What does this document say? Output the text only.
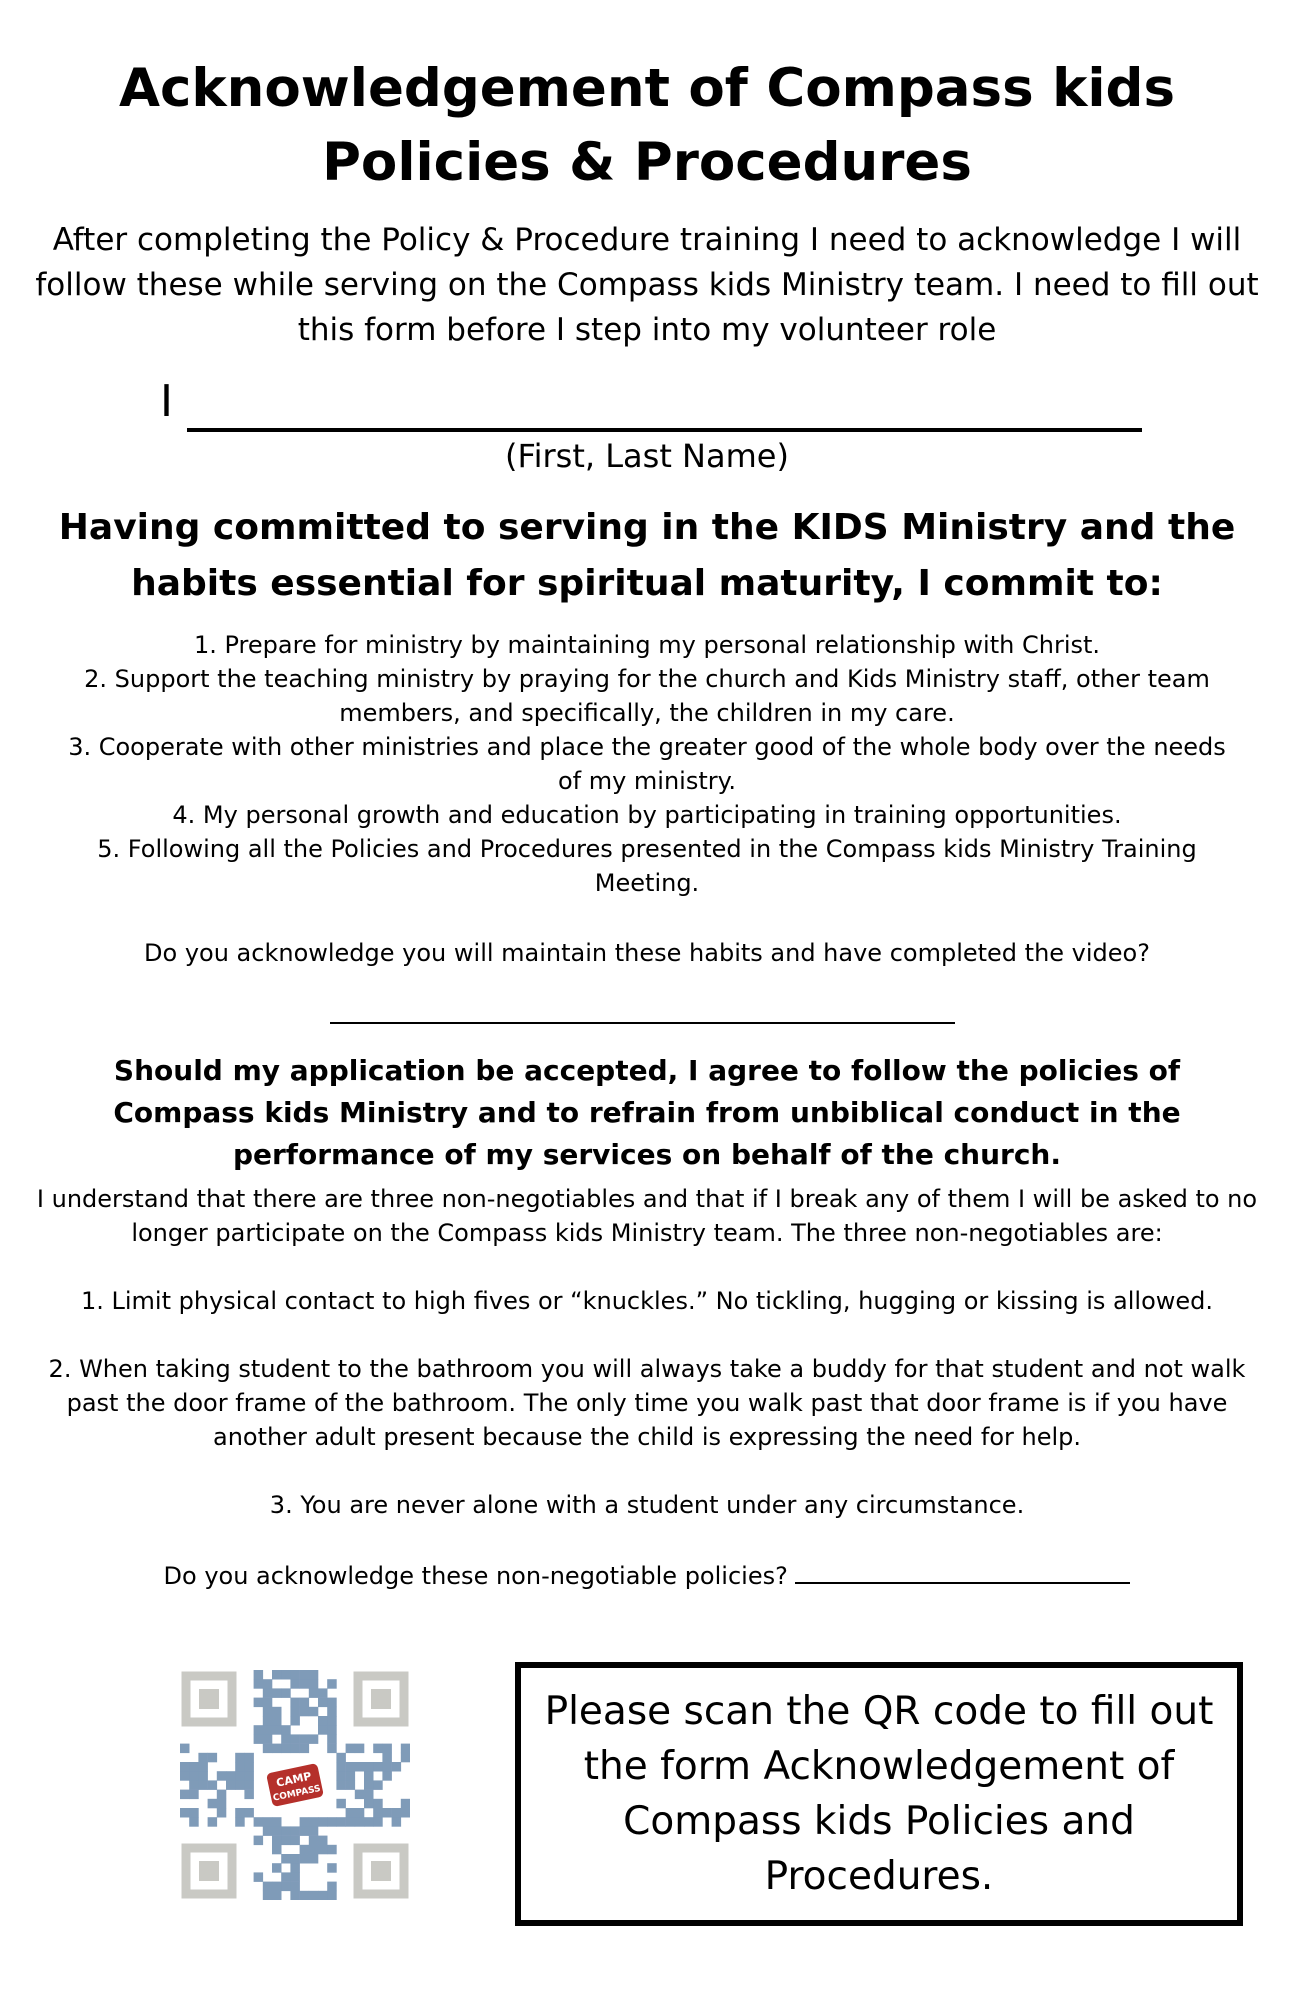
Acknowledgement of Compass kids
Policies & Procedures
After completing the Policy & Procedure training I need to acknowledge I will
follow these while serving on the Compass kids Ministry team. I need to fill out
this form before I step into my volunteer role
I
(First, Last Name)
Having committed to serving in the KIDS Ministry and the
habits essential for spiritual maturity, I commit to:

1. Prepare for ministry by maintaining my personal relationship with Christ.

2. Support the teaching ministry by praying for the church and Kids Ministry staff, other team members, and specifically, the children in my care.

3. Cooperate with other ministries and place the greater good of the whole body over the needs of my ministry.

4. My personal growth and education by participating in training opportunities.

5. Following all the Policies and Procedures presented in the Compass kids Ministry Training Meeting.

Do you acknowledge you will maintain these habits and have completed the video?
Should my application be accepted, I agree to follow the policies of Compass kids Ministry and to refrain from unbiblical conduct in the performance of my services on behalf of the church.

I understand that there are three non-negotiables and that if I break any of them I will be asked to no longer participate on the Compass kids Ministry team. The three non-negotiables are:

1. Limit physical contact to high fives or “knuckles.” No tickling, hugging or kissing is allowed.

2. When taking student to the bathroom you will always take a buddy for that student and not walk past the door frame of the bathroom. The only time you walk past that door frame is if you have another adult present because the child is expressing the need for help.

3. You are never alone with a student under any circumstance.

Do you acknowledge these non-negotiable policies?

CAMP
COMPASS
Please scan the QR code to fill out the form Acknowledgement of Compass kids Policies and Procedures.
